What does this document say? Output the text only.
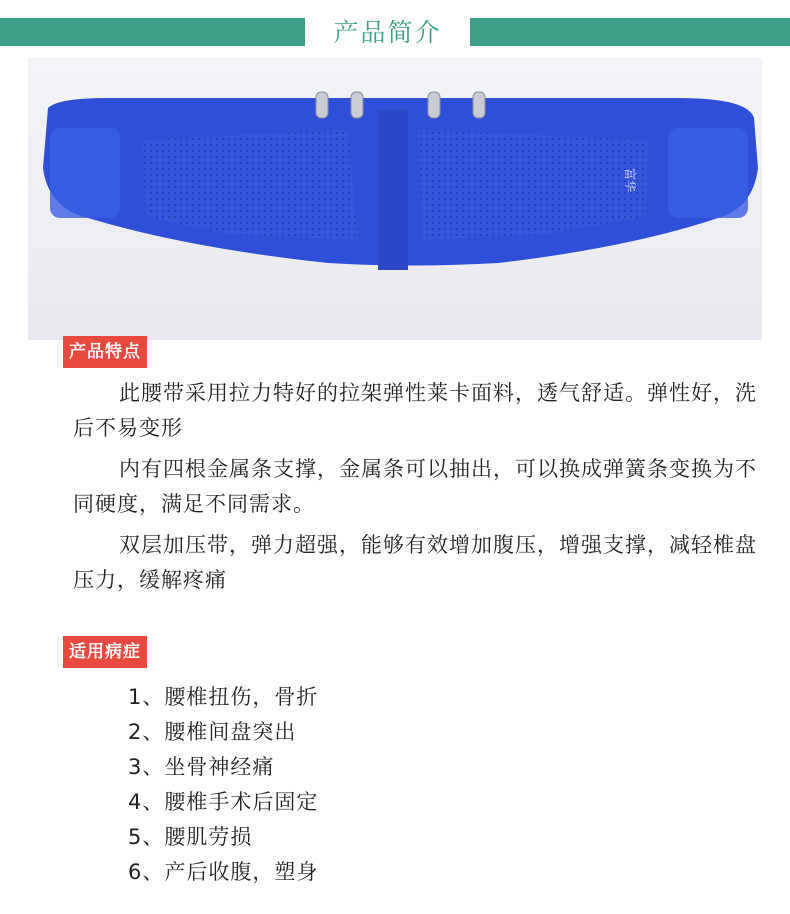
产品简介
富华
产品特点

此腰带采用拉力特好的拉架弹性莱卡面料，透气舒适。弹性好，洗后不易变形

内有四根金属条支撑，金属条可以抽出，可以换成弹簧条变换为不同硬度，满足不同需求。

双层加压带，弹力超强，能够有效增加腹压，增强支撑，减轻椎盘压力，缓解疼痛

适用病症
1、腰椎扭伤，骨折
2、腰椎间盘突出
3、坐骨神经痛
4、腰椎手术后固定
5、腰肌劳损
6、产后收腹，塑身
